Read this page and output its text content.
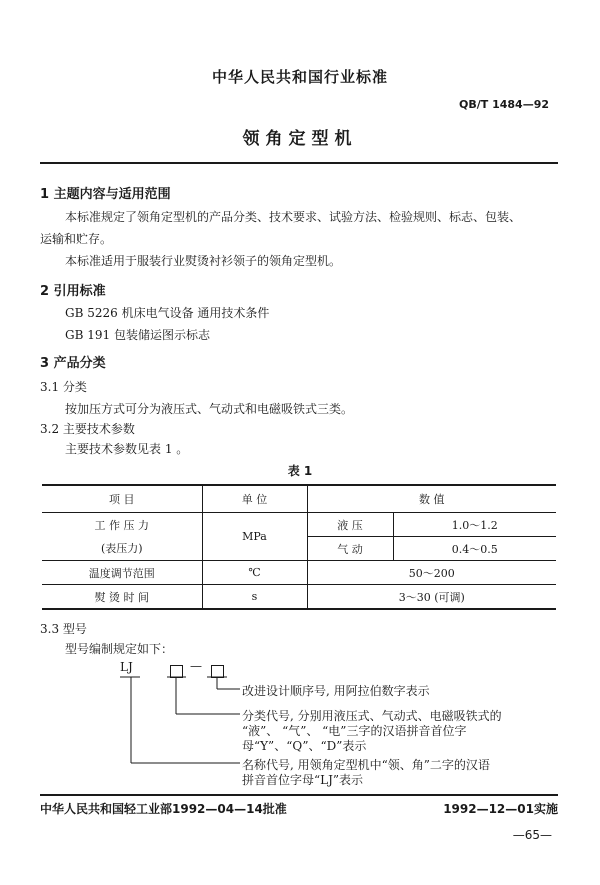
中华人民共和国行业标准
QB/T 1484—92
领角定型机
1 主题内容与适用范围
本标准规定了领角定型机的产品分类、技术要求、试验方法、检验规则、标志、包装、
运输和贮存。
本标准适用于服装行业熨烫衬衫领子的领角定型机。
2 引用标准
GB 5226 机床电气设备 通用技术条件
GB 191 包装储运图示标志
3 产品分类
3.1 分类
按加压方式可分为液压式、气动式和电磁吸铁式三类。
3.2 主要技术参数
主要技术参数见表 1 。
表 1
项 目	单 位	数 值	
工 作 压 力	MPa	液 压	1.0～1.2
(表压力)		气 动	0.4～0.5
温度调节范围	℃	50～200	
熨 烫 时 间	s	3～30 (可调)	
3.3 型号
型号编制规定如下：
LJ	—
改进设计顺序号, 用阿拉伯数字表示
分类代号, 分别用液压式、气动式、电磁吸铁式的
“液”、 “气”、 “电”三字的汉语拼音首位字
母“Y”、“Q”、“D”表示
名称代号, 用领角定型机中“领、角”二字的汉语
拼音首位字母“LJ”表示
中华人民共和国轻工业部1992—04—14批准	1992—12—01实施
—65—
